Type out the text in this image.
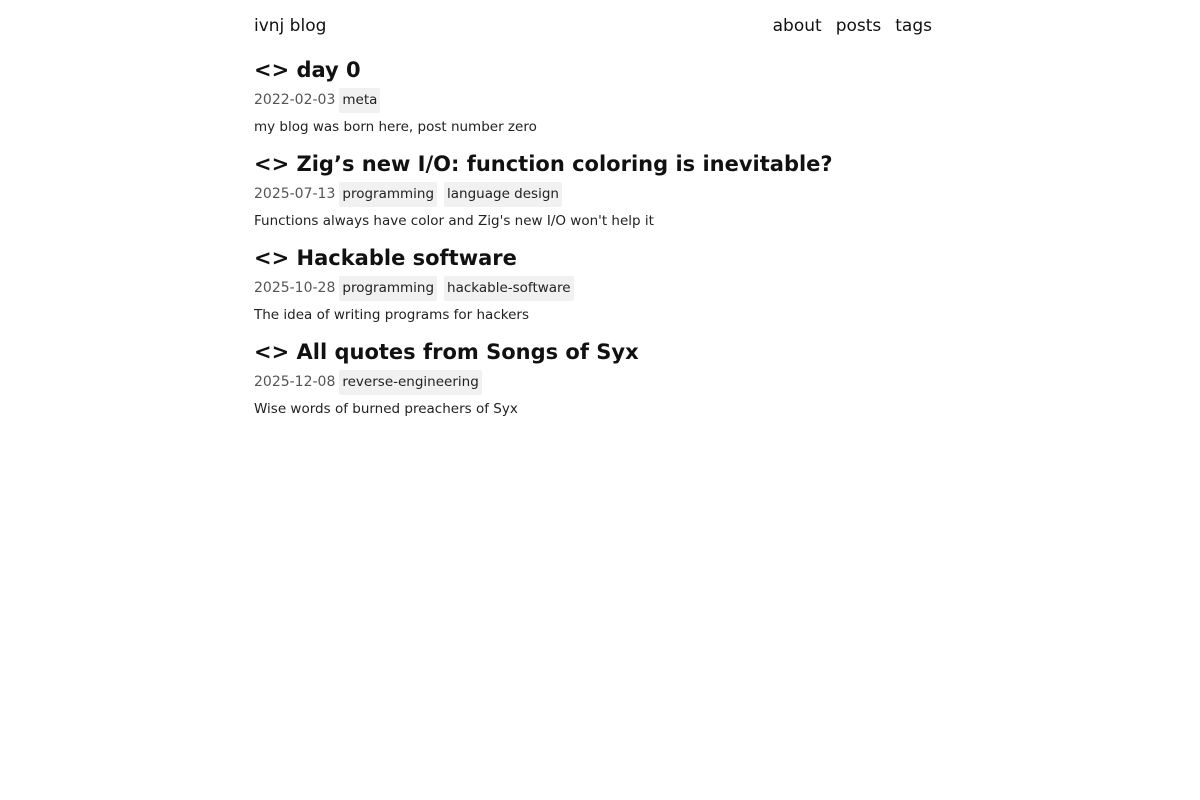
ivnj blog	about posts tags
<> day 0
2022-02-03 meta
my blog was born here, post number zero
<> Zig’s new I/O: function coloring is inevitable?
2025-07-13 programming language design
Functions always have color and Zig's new I/O won't help it
<> Hackable software
2025-10-28 programming hackable-software
The idea of writing programs for hackers
<> All quotes from Songs of Syx
2025-12-08 reverse-engineering
Wise words of burned preachers of Syx
